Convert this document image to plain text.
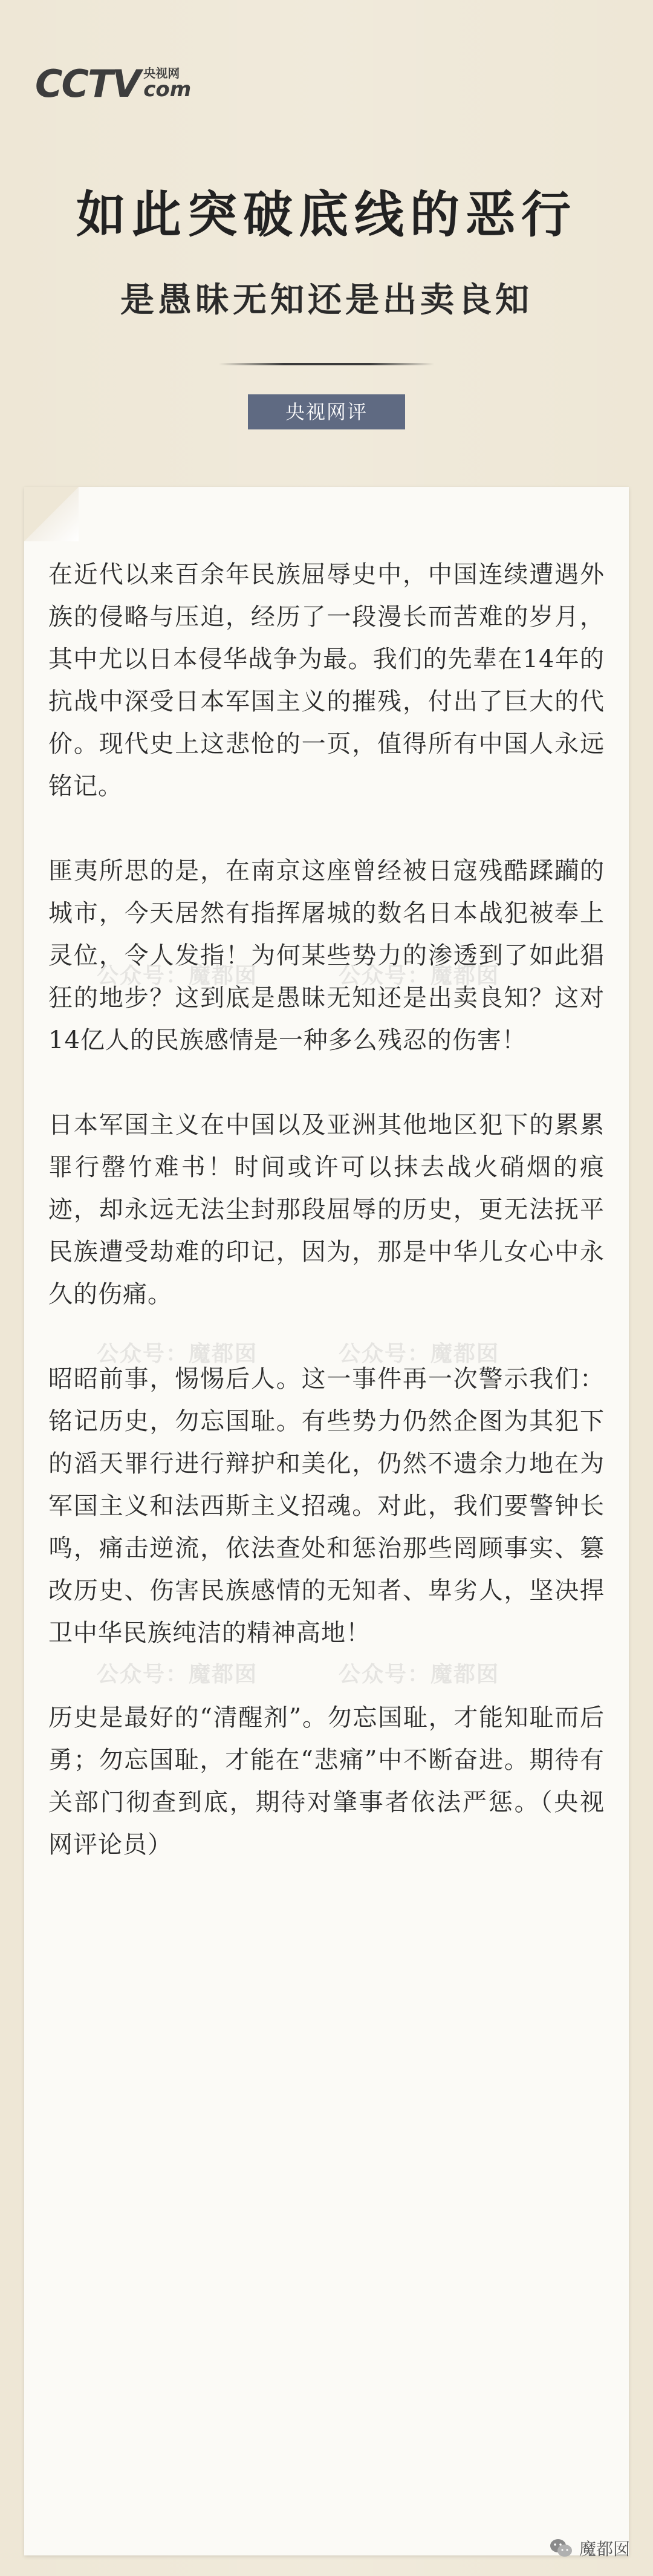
CCTV 央视网
com
如此突破底线的恶行
是愚昧无知还是出卖良知
央视网评

在近代以来百余年民族屈辱史中，中国连续遭遇外族的侵略与压迫，经历了一段漫长而苦难的岁月，其中尤以日本侵华战争为最。我们的先辈在14年的抗战中深受日本军国主义的摧残，付出了巨大的代价。现代史上这悲怆的一页，值得所有中国人永远铭记。

匪夷所思的是，在南京这座曾经被日寇残酷蹂躏的城市，今天居然有指挥屠城的数名日本战犯被奉上灵位，令人发指！为何某些势力的渗透到了如此猖狂的地步？这到底是愚昧无知还是出卖良知？这对14亿人的民族感情是一种多么残忍的伤害！

日本军国主义在中国以及亚洲其他地区犯下的累累罪行罄竹难书！时间或许可以抹去战火硝烟的痕迹，却永远无法尘封那段屈辱的历史，更无法抚平民族遭受劫难的印记，因为，那是中华儿女心中永久的伤痛。

昭昭前事，惕惕后人。这一事件再一次警示我们：铭记历史，勿忘国耻。有些势力仍然企图为其犯下的滔天罪行进行辩护和美化，仍然不遗余力地在为军国主义和法西斯主义招魂。对此，我们要警钟长鸣，痛击逆流，依法查处和惩治那些罔顾事实、篡改历史、伤害民族感情的无知者、卑劣人，坚决捍卫中华民族纯洁的精神高地！

历史是最好的“清醒剂”。勿忘国耻，才能知耻而后勇；勿忘国耻，才能在“悲痛”中不断奋进。期待有关部门彻查到底，期待对肇事者依法严惩。（央视网评论员）

公众号：魔都囡	公众号：魔都囡
公众号：魔都囡	公众号：魔都囡
公众号：魔都囡	公众号：魔都囡
魔都囡
